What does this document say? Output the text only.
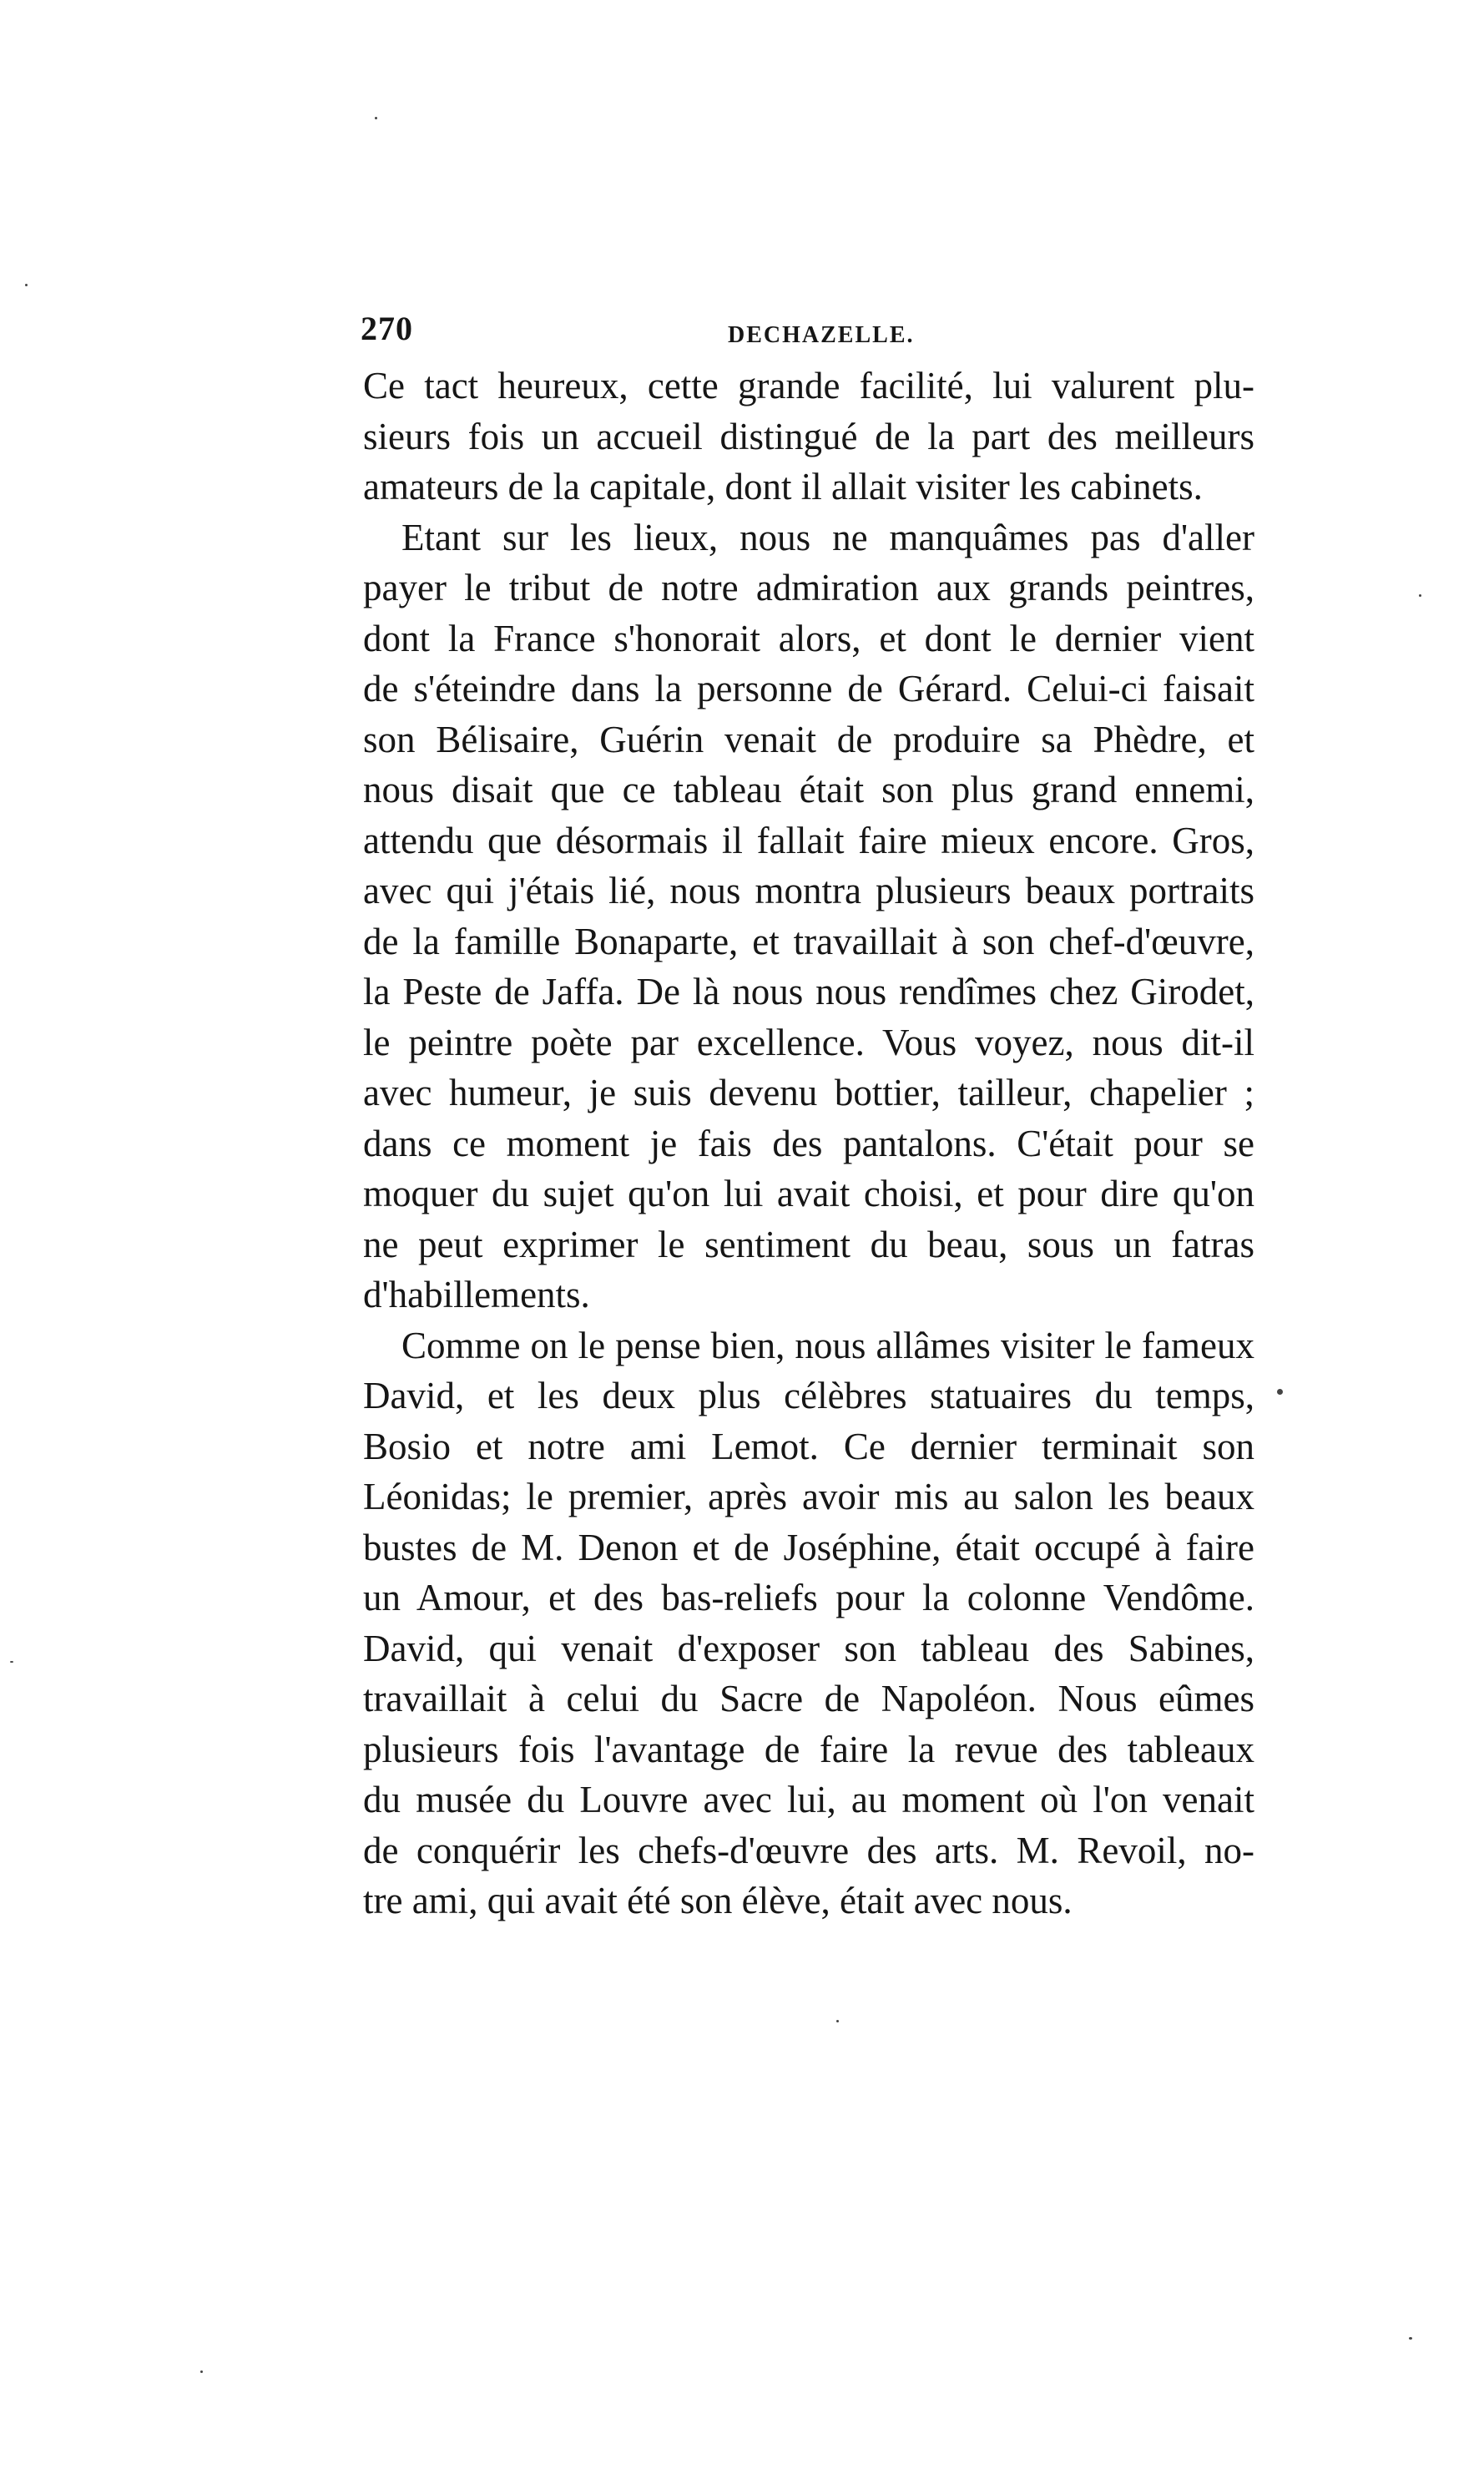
270	DECHAZELLE.
Ce tact heureux, cette grande facilité, lui valurent plu-
sieurs fois un accueil distingué de la part des meilleurs
amateurs de la capitale, dont il allait visiter les cabinets.
Etant sur les lieux, nous ne manquâmes pas d'aller
payer le tribut de notre admiration aux grands peintres,
dont la France s'honorait alors, et dont le dernier vient
de s'éteindre dans la personne de Gérard. Celui-ci faisait
son Bélisaire, Guérin venait de produire sa Phèdre, et
nous disait que ce tableau était son plus grand ennemi,
attendu que désormais il fallait faire mieux encore. Gros,
avec qui j'étais lié, nous montra plusieurs beaux portraits
de la famille Bonaparte, et travaillait à son chef-d'œuvre,
la Peste de Jaffa. De là nous nous rendîmes chez Girodet,
le peintre poète par excellence. Vous voyez, nous dit-il
avec humeur, je suis devenu bottier, tailleur, chapelier ;
dans ce moment je fais des pantalons. C'était pour se
moquer du sujet qu'on lui avait choisi, et pour dire qu'on
ne peut exprimer le sentiment du beau, sous un fatras
d'habillements.
Comme on le pense bien, nous allâmes visiter le fameux
David, et les deux plus célèbres statuaires du temps,
Bosio et notre ami Lemot. Ce dernier terminait son
Léonidas; le premier, après avoir mis au salon les beaux
bustes de M. Denon et de Joséphine, était occupé à faire
un Amour, et des bas-reliefs pour la colonne Vendôme.
David, qui venait d'exposer son tableau des Sabines,
travaillait à celui du Sacre de Napoléon. Nous eûmes
plusieurs fois l'avantage de faire la revue des tableaux
du musée du Louvre avec lui, au moment où l'on venait
de conquérir les chefs-d'œuvre des arts. M. Revoil, no-
tre ami, qui avait été son élève, était avec nous.
